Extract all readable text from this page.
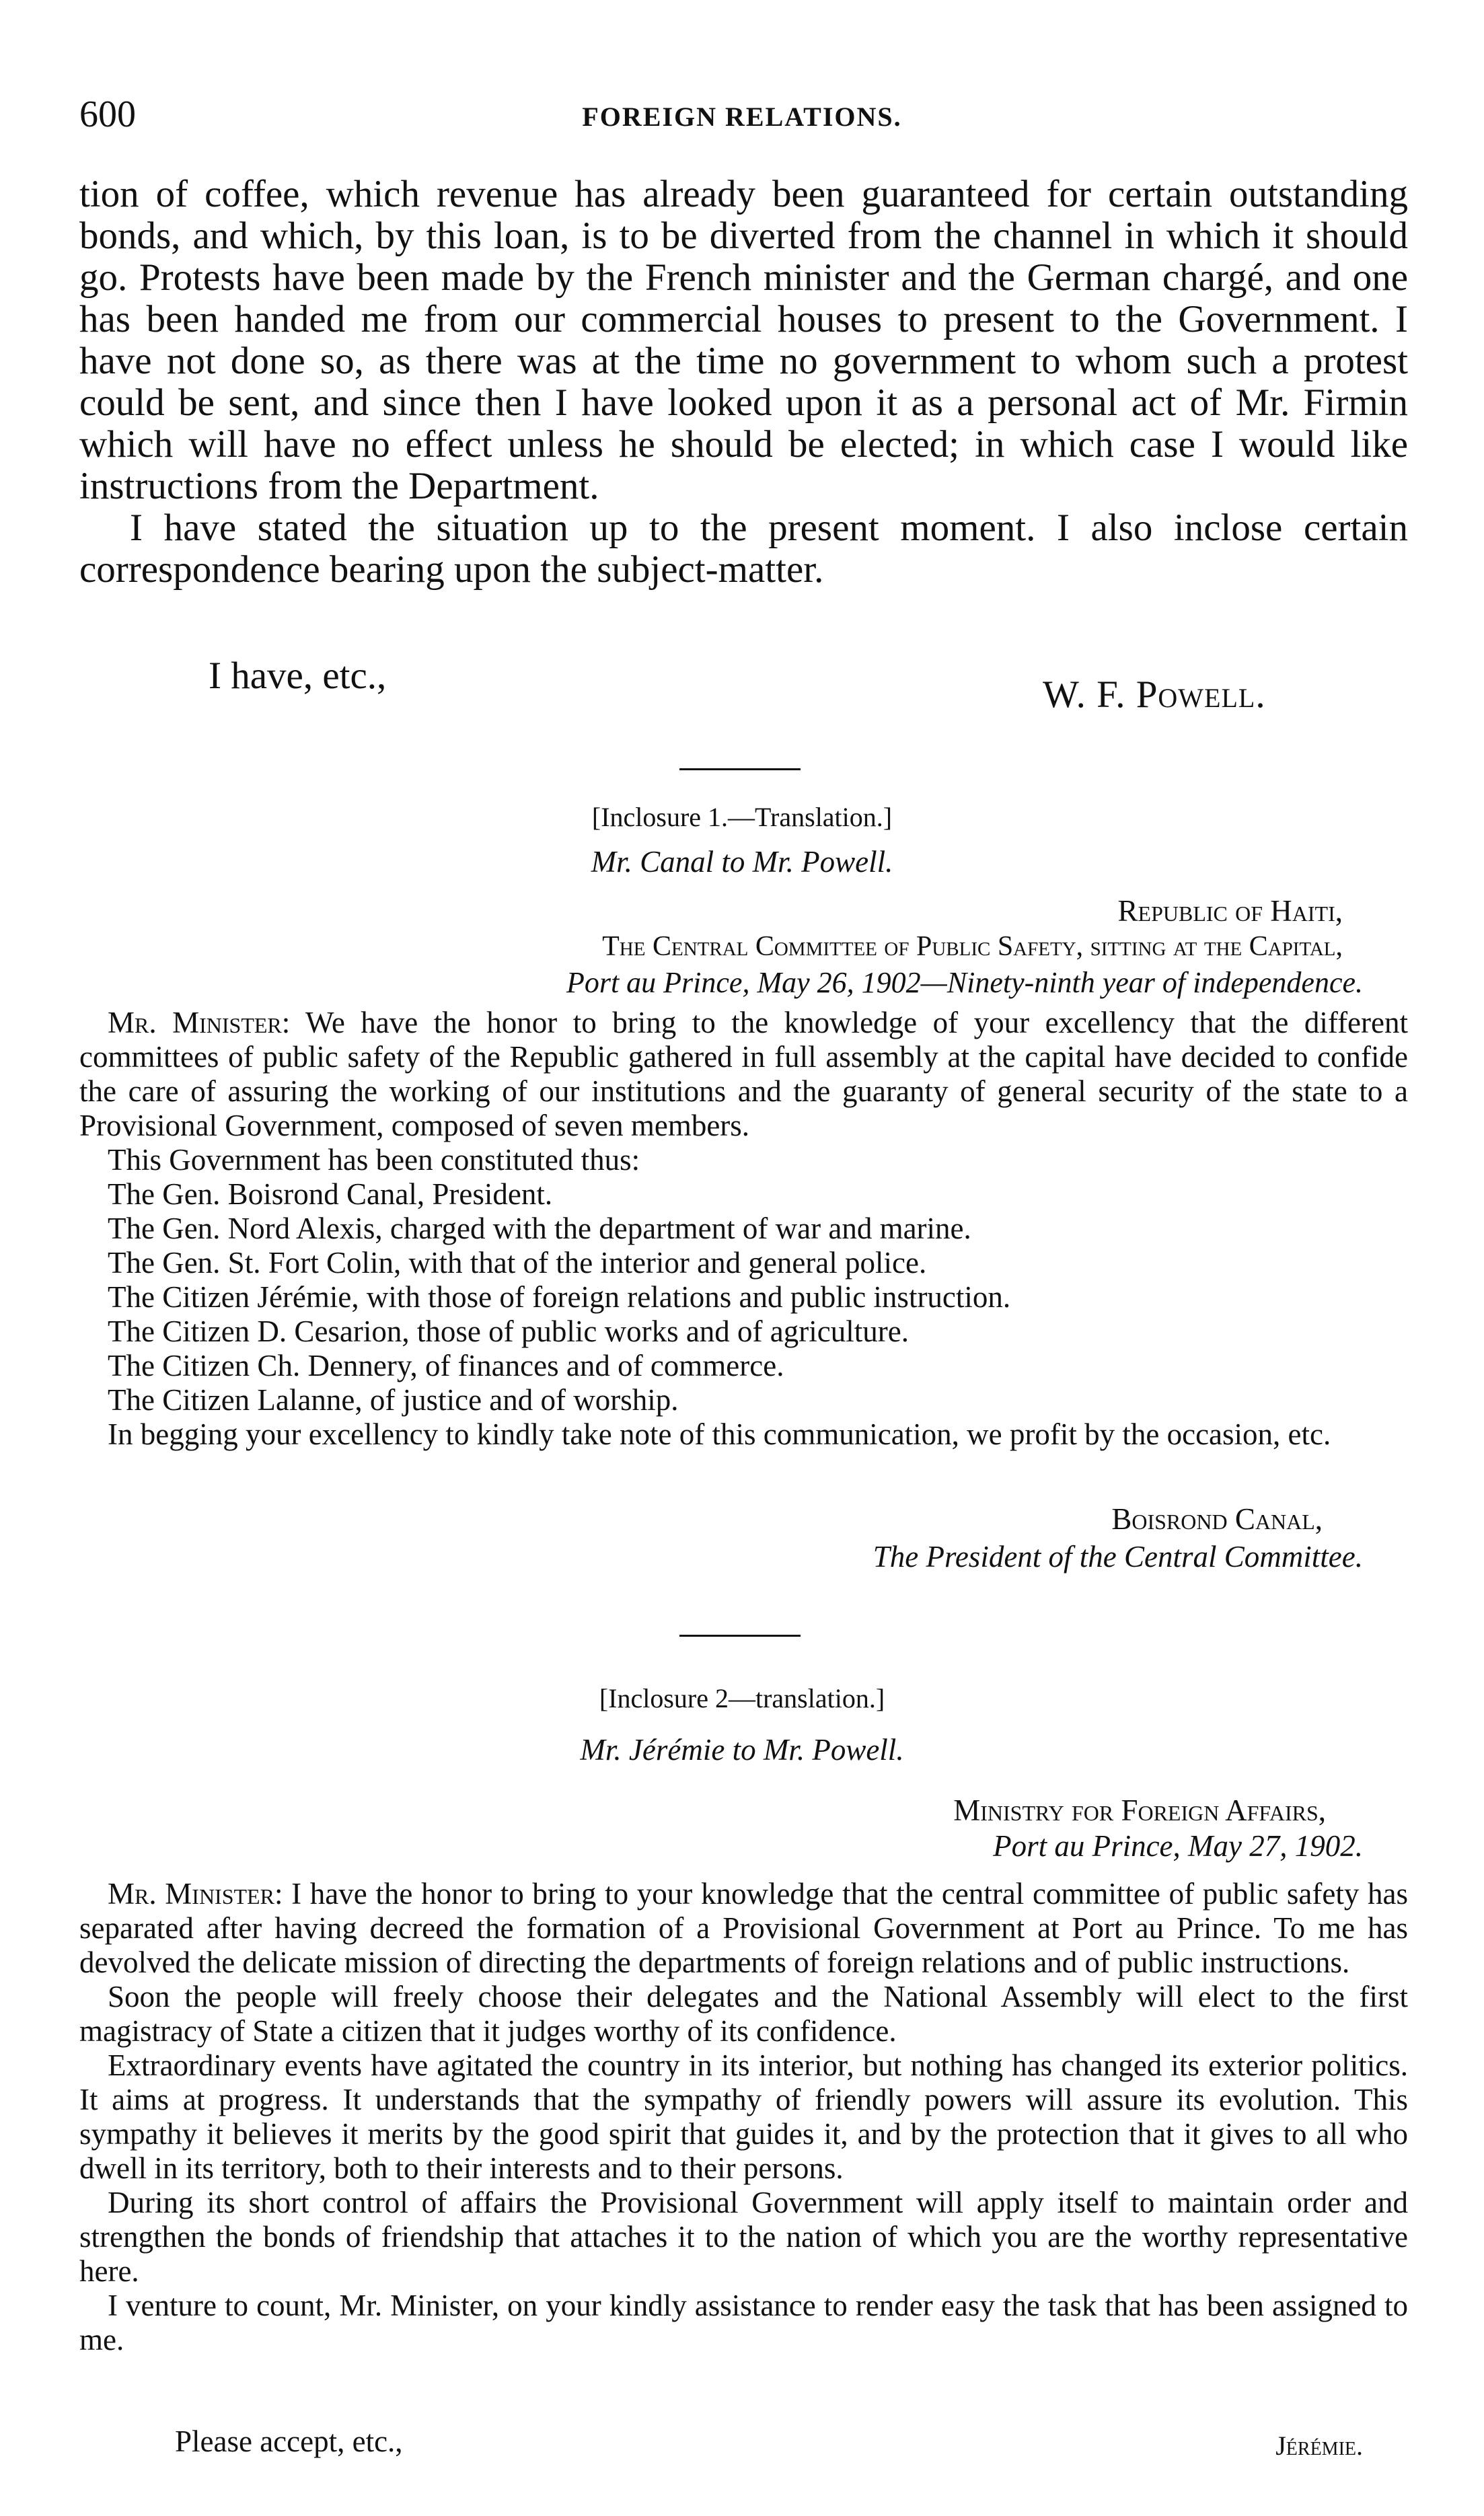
600	FOREIGN RELATIONS.

tion of coffee, which revenue has already been guaranteed for certain outstanding bonds, and which, by this loan, is to be diverted from the channel in which it should go. Protests have been made by the French minister and the German chargé, and one has been handed me from our commercial houses to present to the Government. I have not done so, as there was at the time no government to whom such a protest could be sent, and since then I have looked upon it as a personal act of Mr. Firmin which will have no effect unless he should be elected; in which case I would like instructions from the Department.

I have stated the situation up to the present moment. I also inclose certain correspondence bearing upon the subject-matter.

I have, etc.,	W. F. Powell.
[Inclosure 1.—Translation.]
Mr. Canal to Mr. Powell.
Republic of Haiti,
The Central Committee of Public Safety, sitting at the Capital,
Port au Prince, May 26, 1902—Ninety-ninth year of independence.

Mr. Minister: We have the honor to bring to the knowledge of your excellency that the different committees of public safety of the Republic gathered in full assembly at the capital have decided to confide the care of assuring the working of our institutions and the guaranty of general security of the state to a Provisional Government, composed of seven members.

This Government has been constituted thus:

The Gen. Boisrond Canal, President.

The Gen. Nord Alexis, charged with the department of war and marine.

The Gen. St. Fort Colin, with that of the interior and general police.

The Citizen Jérémie, with those of foreign relations and public instruction.

The Citizen D. Cesarion, those of public works and of agriculture.

The Citizen Ch. Dennery, of finances and of commerce.

The Citizen Lalanne, of justice and of worship.

In begging your excellency to kindly take note of this communication, we profit by the occasion, etc.

Boisrond Canal,
The President of the Central Committee.
[Inclosure 2—translation.]
Mr. Jérémie to Mr. Powell.
Ministry for Foreign Affairs,
Port au Prince, May 27, 1902.

Mr. Minister: I have the honor to bring to your knowledge that the central committee of public safety has separated after having decreed the formation of a Provisional Government at Port au Prince. To me has devolved the delicate mission of directing the departments of foreign relations and of public instructions.

Soon the people will freely choose their delegates and the National Assembly will elect to the first magistracy of State a citizen that it judges worthy of its confidence.

Extraordinary events have agitated the country in its interior, but nothing has changed its exterior politics. It aims at progress. It understands that the sympathy of friendly powers will assure its evolution. This sympathy it believes it merits by the good spirit that guides it, and by the protection that it gives to all who dwell in its territory, both to their interests and to their persons.

During its short control of affairs the Provisional Government will apply itself to maintain order and strengthen the bonds of friendship that attaches it to the nation of which you are the worthy representative here.

I venture to count, Mr. Minister, on your kindly assistance to render easy the task that has been assigned to me.

Please accept, etc.,	Jérémie.
